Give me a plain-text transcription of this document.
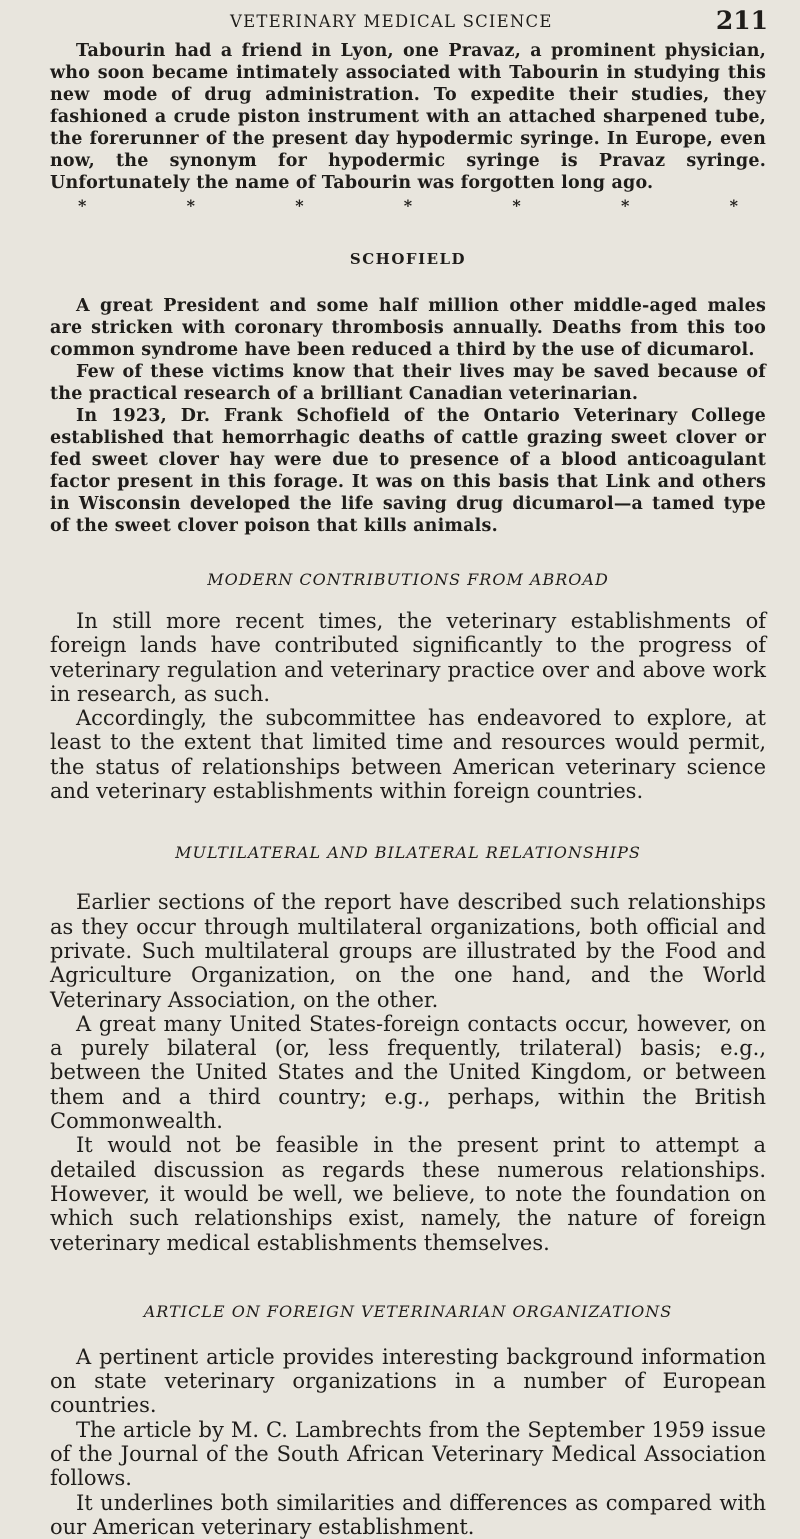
VETERINARY MEDICAL SCIENCE	211

Tabourin had a friend in Lyon, one Pravaz, a prominent physician, who soon became intimately associated with Tabourin in studying this new mode of drug administration. To expedite their studies, they fashioned a crude piston instrument with an attached sharpened tube, the forerunner of the present day hypodermic syringe. In Europe, even now, the synonym for hypodermic syringe is Pravaz syringe. Unfortunately the name of Tabourin was forgotten long ago.

*	*	*	*	*	*	*
SCHOFIELD

A great President and some half million other middle-aged males are stricken with coronary thrombosis annually. Deaths from this too common syndrome have been reduced a third by the use of dicumarol.

Few of these victims know that their lives may be saved because of the practical research of a brilliant Canadian veterinarian.

In 1923, Dr. Frank Schofield of the Ontario Veterinary College established that hemorrhagic deaths of cattle grazing sweet clover or fed sweet clover hay were due to presence of a blood anticoagulant factor present in this forage. It was on this basis that Link and others in Wisconsin developed the life saving drug dicumarol—a tamed type of the sweet clover poison that kills animals.

MODERN CONTRIBUTIONS FROM ABROAD

In still more recent times, the veterinary establishments of foreign lands have contributed significantly to the progress of veterinary regulation and veterinary practice over and above work in research, as such.

Accordingly, the subcommittee has endeavored to explore, at least to the extent that limited time and resources would permit, the status of relationships between American veterinary science and veterinary establishments within foreign countries.

MULTILATERAL AND BILATERAL RELATIONSHIPS

Earlier sections of the report have described such relationships as they occur through multilateral organizations, both official and private. Such multilateral groups are illustrated by the Food and Agriculture Organization, on the one hand, and the World Veterinary Association, on the other.

A great many United States-foreign contacts occur, however, on a purely bilateral (or, less frequently, trilateral) basis; e.g., between the United States and the United Kingdom, or between them and a third country; e.g., perhaps, within the British Commonwealth.

It would not be feasible in the present print to attempt a detailed discussion as regards these numerous relationships. However, it would be well, we believe, to note the foundation on which such relationships exist, namely, the nature of foreign veterinary medical establishments themselves.

ARTICLE ON FOREIGN VETERINARIAN ORGANIZATIONS

A pertinent article provides interesting background information on state veterinary organizations in a number of European countries.

The article by M. C. Lambrechts from the September 1959 issue of the Journal of the South African Veterinary Medical Association follows.

It underlines both similarities and differences as compared with our American veterinary establishment.
